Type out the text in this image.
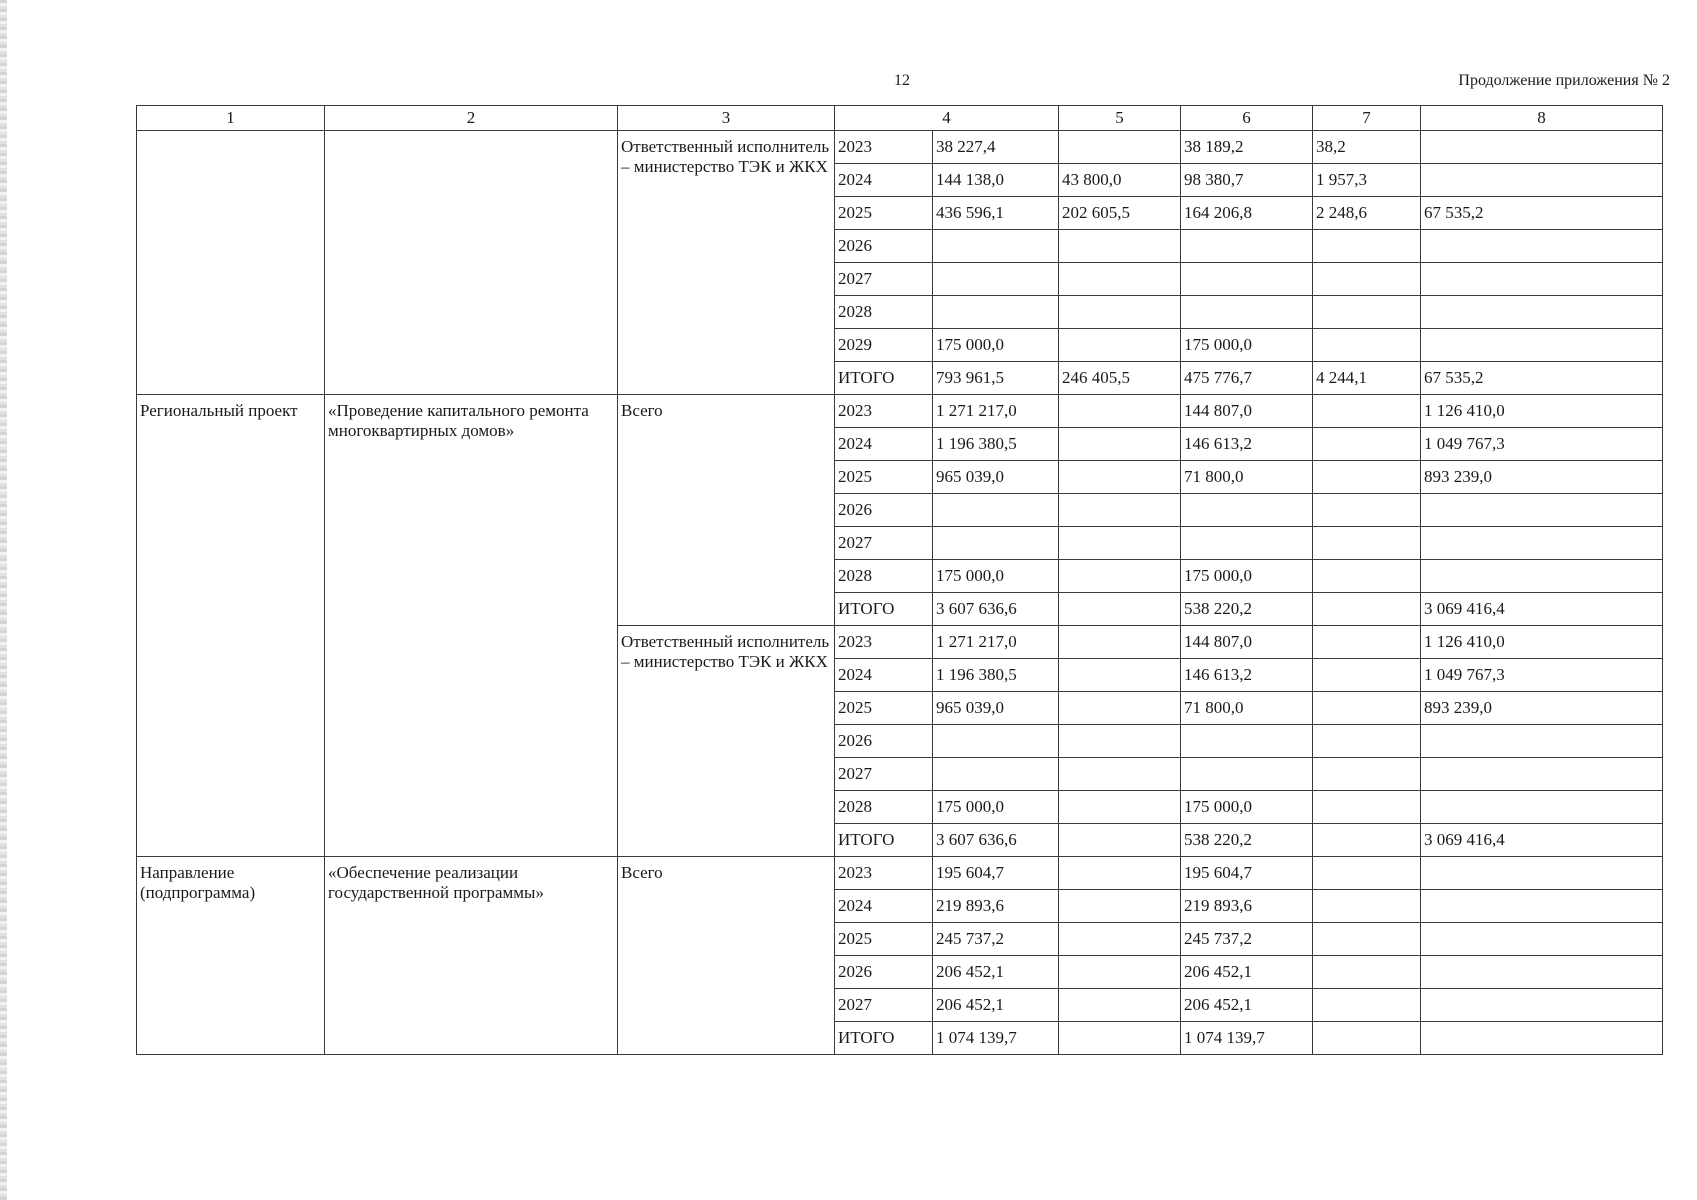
12	Продолжение приложения № 2
1	2	3	4		5	6	7	8
		Ответственный исполнитель – министерство ТЭК и ЖКХ	2023	38 227,4		38 189,2	38,2	
			2024	144 138,0	43 800,0	98 380,7	1 957,3	
			2025	436 596,1	202 605,5	164 206,8	2 248,6	67 535,2
			2026					
			2027					
			2028					
			2029	175 000,0		175 000,0		
			ИТОГО	793 961,5	246 405,5	475 776,7	4 244,1	67 535,2
Региональный проект	«Проведение капитального ремонта многоквартирных домов»	Всего	2023	1 271 217,0		144 807,0		1 126 410,0
			2024	1 196 380,5		146 613,2		1 049 767,3
			2025	965 039,0		71 800,0		893 239,0
			2026					
			2027					
			2028	175 000,0		175 000,0		
			ИТОГО	3 607 636,6		538 220,2		3 069 416,4
		Ответственный исполнитель – министерство ТЭК и ЖКХ	2023	1 271 217,0		144 807,0		1 126 410,0
			2024	1 196 380,5		146 613,2		1 049 767,3
			2025	965 039,0		71 800,0		893 239,0
			2026					
			2027					
			2028	175 000,0		175 000,0		
			ИТОГО	3 607 636,6		538 220,2		3 069 416,4
Направление (подпрограмма)	«Обеспечение реализации государственной программы»	Всего	2023	195 604,7		195 604,7		
			2024	219 893,6		219 893,6		
			2025	245 737,2		245 737,2		
			2026	206 452,1		206 452,1		
			2027	206 452,1		206 452,1		
			ИТОГО	1 074 139,7		1 074 139,7		
